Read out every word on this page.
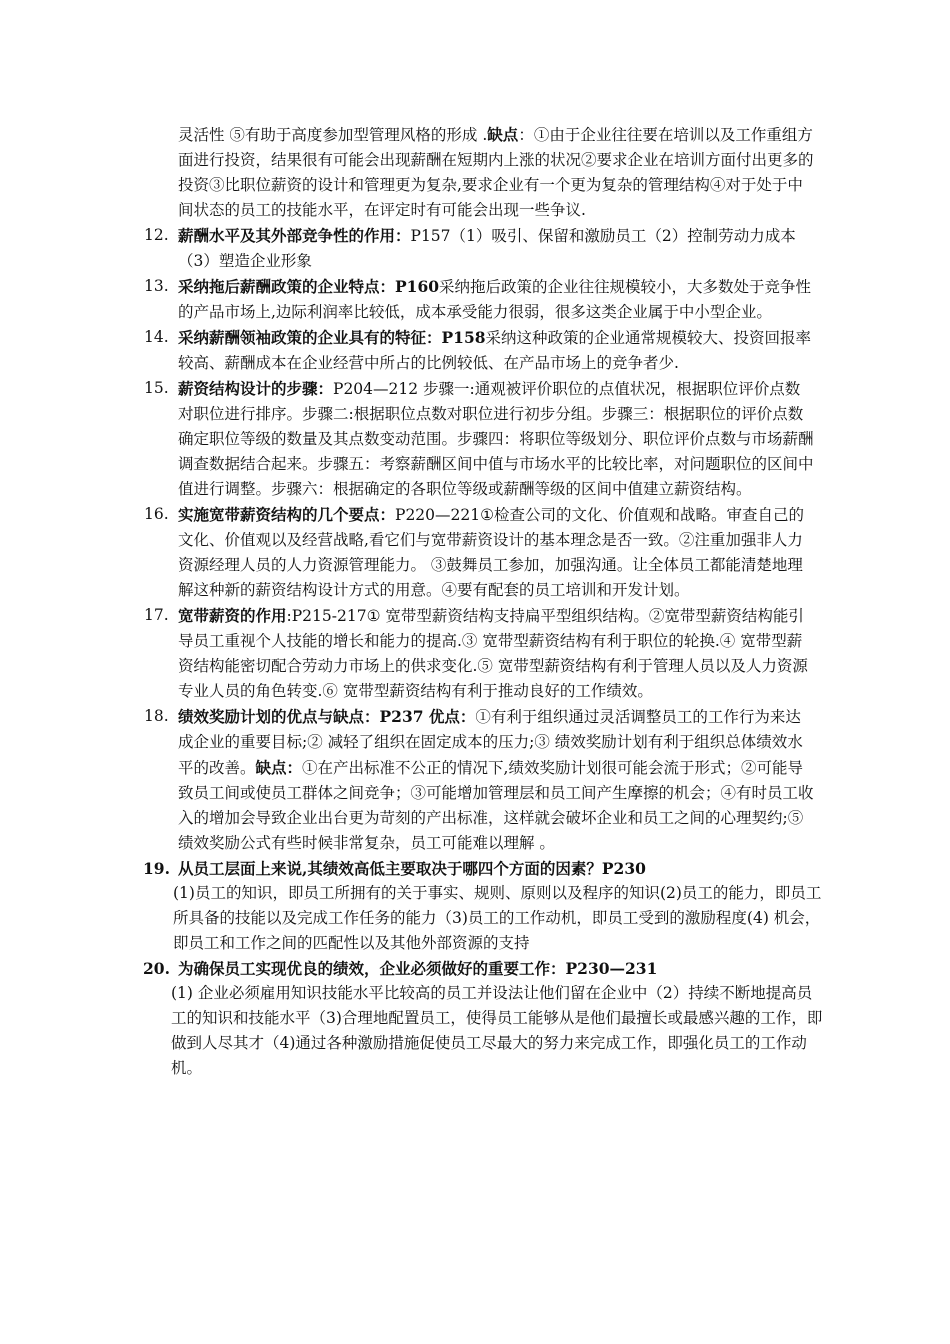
灵活性 ⑤有助于高度参加型管理风格的形成 .缺点：①由于企业往往要在培训以及工作重组方面进行投资，结果很有可能会出现薪酬在短期内上涨的状况②要求企业在培训方面付出更多的投资③比职位薪资的设计和管理更为复杂,要求企业有一个更为复杂的管理结构④对于处于中间状态的员工的技能水平，在评定时有可能会出现一些争议.
12. 薪酬水平及其外部竞争性的作用：P157（1）吸引、保留和激励员工（2）控制劳动力成本（3）塑造企业形象
13. 采纳拖后薪酬政策的企业特点：P160采纳拖后政策的企业往往规模较小，大多数处于竞争性的产品市场上,边际利润率比较低，成本承受能力很弱，很多这类企业属于中小型企业。
14. 采纳薪酬领袖政策的企业具有的特征：P158采纳这种政策的企业通常规模较大、投资回报率较高、薪酬成本在企业经营中所占的比例较低、在产品市场上的竞争者少.
15. 薪资结构设计的步骤：P204—212 步骤一:通观被评价职位的点值状况，根据职位评价点数对职位进行排序。步骤二:根据职位点数对职位进行初步分组。步骤三：根据职位的评价点数确定职位等级的数量及其点数变动范围。步骤四：将职位等级划分、职位评价点数与市场薪酬调查数据结合起来。步骤五：考察薪酬区间中值与市场水平的比较比率，对问题职位的区间中值进行调整。步骤六：根据确定的各职位等级或薪酬等级的区间中值建立薪资结构。
16. 实施宽带薪资结构的几个要点：P220—221①检查公司的文化、价值观和战略。审查自己的文化、价值观以及经营战略,看它们与宽带薪资设计的基本理念是否一致。②注重加强非人力资源经理人员的人力资源管理能力。 ③鼓舞员工参加，加强沟通。让全体员工都能清楚地理解这种新的薪资结构设计方式的用意。④要有配套的员工培训和开发计划。
17. 宽带薪资的作用:P215-217① 宽带型薪资结构支持扁平型组织结构。②宽带型薪资结构能引导员工重视个人技能的增长和能力的提高.③ 宽带型薪资结构有利于职位的轮换.④ 宽带型薪资结构能密切配合劳动力市场上的供求变化.⑤ 宽带型薪资结构有利于管理人员以及人力资源专业人员的角色转变.⑥ 宽带型薪资结构有利于推动良好的工作绩效。
18. 绩效奖励计划的优点与缺点：P237 优点：①有利于组织通过灵活调整员工的工作行为来达成企业的重要目标;② 减轻了组织在固定成本的压力;③ 绩效奖励计划有利于组织总体绩效水平的改善。缺点：①在产出标准不公正的情况下,绩效奖励计划很可能会流于形式；②可能导致员工间或使员工群体之间竞争；③可能增加管理层和员工间产生摩擦的机会；④有时员工收入的增加会导致企业出台更为苛刻的产出标准，这样就会破坏企业和员工之间的心理契约;⑤ 绩效奖励公式有些时候非常复杂，员工可能难以理解 。
19. 从员工层面上来说,其绩效高低主要取决于哪四个方面的因素？P230
(1)员工的知识，即员工所拥有的关于事实、规则、原则以及程序的知识(2)员工的能力，即员工所具备的技能以及完成工作任务的能力（3)员工的工作动机，即员工受到的激励程度(4) 机会，即员工和工作之间的匹配性以及其他外部资源的支持
20. 为确保员工实现优良的绩效，企业必须做好的重要工作：P230—231
(1) 企业必须雇用知识技能水平比较高的员工并设法让他们留在企业中（2）持续不断地提高员工的知识和技能水平（3)合理地配置员工，使得员工能够从是他们最擅长或最感兴趣的工作，即做到人尽其才（4)通过各种激励措施促使员工尽最大的努力来完成工作，即强化员工的工作动机。
